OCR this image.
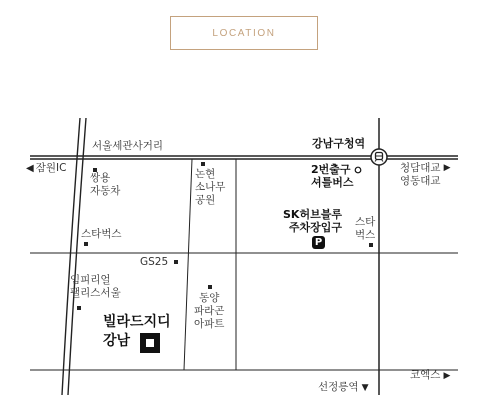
LOCATION
서울세관사거리	강남구청역
◀ 잠원IC	청담대교
영동대교
▶
코엑스 ▶
선정릉역 ▼
쌍용
자동차
스타벅스
GS25
임피리얼
팰리스서울
논현
소나무
공원
동양
파라곤
아파트
2번출구
셔틀버스
SK허브블루
주차장입구
P
스타
벅스
빌라드지디
강남
